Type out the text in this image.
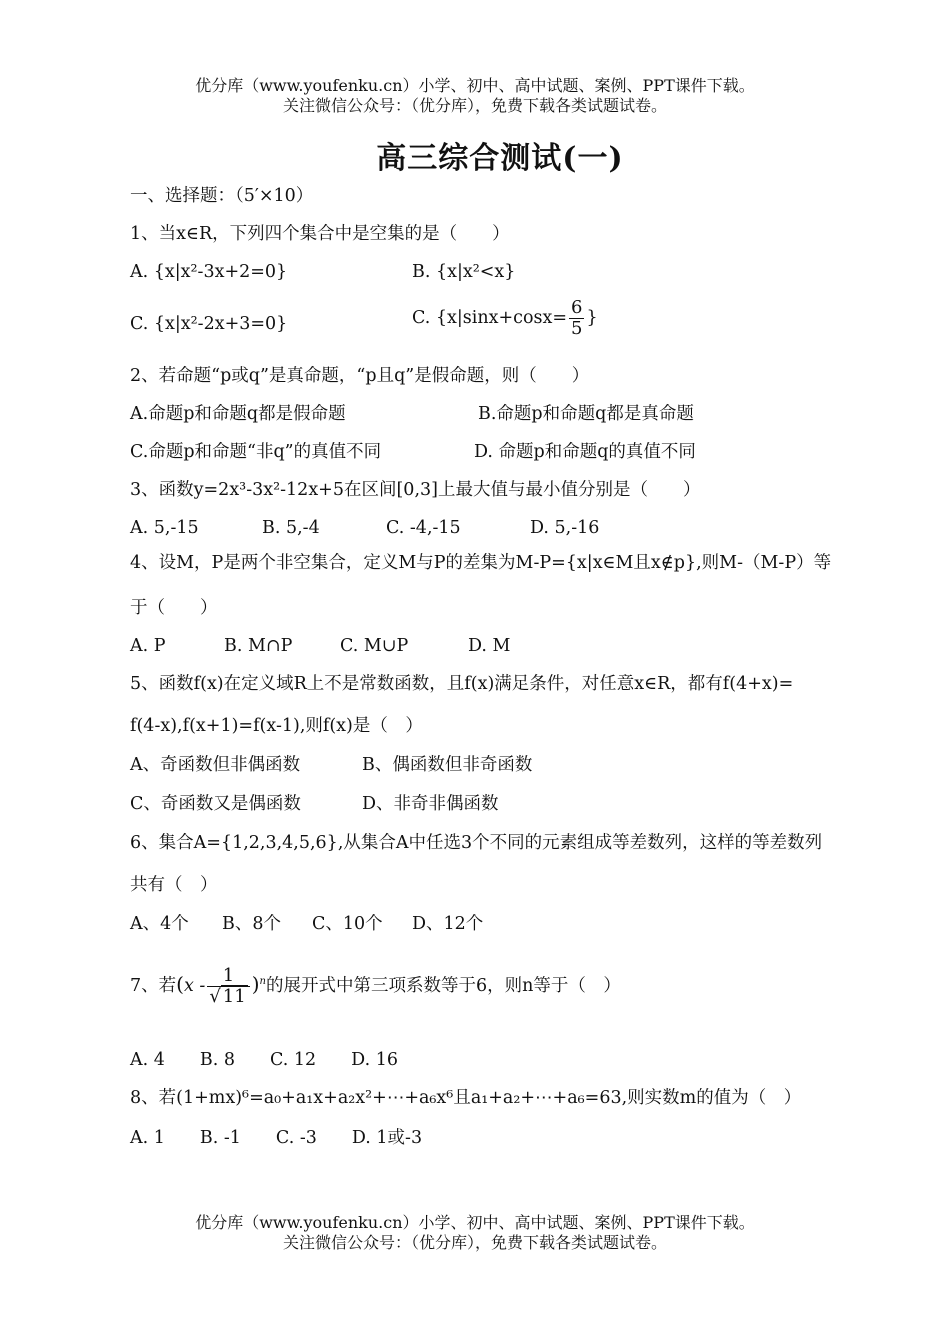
优分库（www.youfenku.cn）小学、初中、高中试题、案例、PPT课件下载。
关注微信公众号：（优分库），免费下载各类试题试卷。
高三综合测试(一)
一、选择题：（5′×10）
1、当x∈R，下列四个集合中是空集的是（　　）
A. {x|x²-3x+2=0}	B. {x|x²<x}
C. {x|x²-2x+3=0}	C. {$x|\sin x+\cos x= \frac{6}{5}$ }
2、若命题“p或q”是真命题，“p且q”是假命题，则（　　）
A.命题p和命题q都是假命题	B.命题p和命题q都是真命题
C.命题p和命题“非q”的真值不同	D. 命题p和命题q的真值不同
3、函数y=2x³-3x²-12x+5在区间[0,3]上最大值与最小值分别是（　　）
A. 5,-15	B. 5,-4	C. -4,-15	D. 5,-16
4、设M，P是两个非空集合，定义M与P的差集为M-P={x|x∈M且x∉p},则M-（M-P）等
于（　　）
A. P	B. M∩P	C. M∪P	D. M
5、函数f(x)在定义域R上不是常数函数，且f(x)满足条件，对任意x∈R，都有f(4+x)=
f(4-x),f(x+1)=f(x-1),则f(x)是（　）
A、奇函数但非偶函数	B、偶函数但非奇函数
C、奇函数又是偶函数	D、非奇非偶函数
6、集合A={1,2,3,4,5,6},从集合A中任选3个不同的元素组成等差数列，这样的等差数列
共有（　）
A、4个 B、8个 C、10个 D、12个
7、若$(x - \frac{1}{√ 11} )^n$的展开式中第三项系数等于6，则n等于（　）
A. 4　　B. 8　　C. 12　　D. 16
8、若(1+mx)⁶=a₀+a₁x+a₂x²+⋯+a₆x⁶且a₁+a₂+⋯+a₆=63,则实数m的值为（　）
A. 1　　B. -1　　C. -3　　D. 1或-3
优分库（www.youfenku.cn）小学、初中、高中试题、案例、PPT课件下载。
关注微信公众号：（优分库），免费下载各类试题试卷。
